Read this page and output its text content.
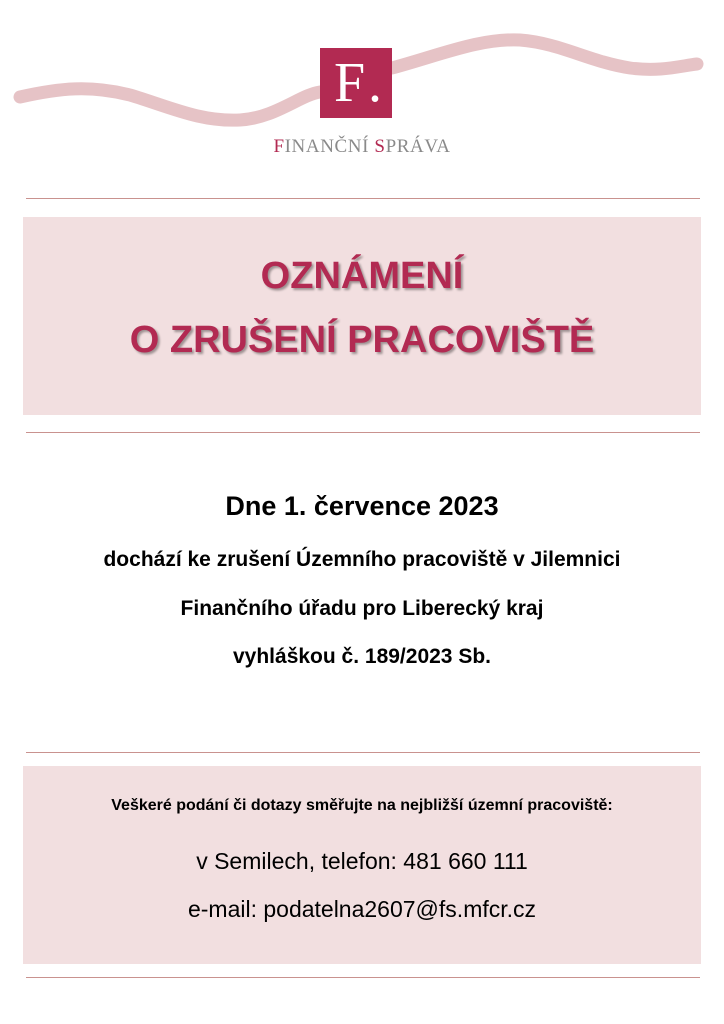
F .
FINANČNÍ SPRÁVA
OZNÁMENÍ
O ZRUŠENÍ PRACOVIŠTĚ
Dne 1. července 2023
dochází ke zrušení Územního pracoviště v Jilemnici
Finančního úřadu pro Liberecký kraj
vyhláškou č. 189/2023 Sb.
Veškeré podání či dotazy směřujte na nejbližší územní pracoviště:
v Semilech, telefon: 481 660 111
e-mail: podatelna2607@fs.mfcr.cz
